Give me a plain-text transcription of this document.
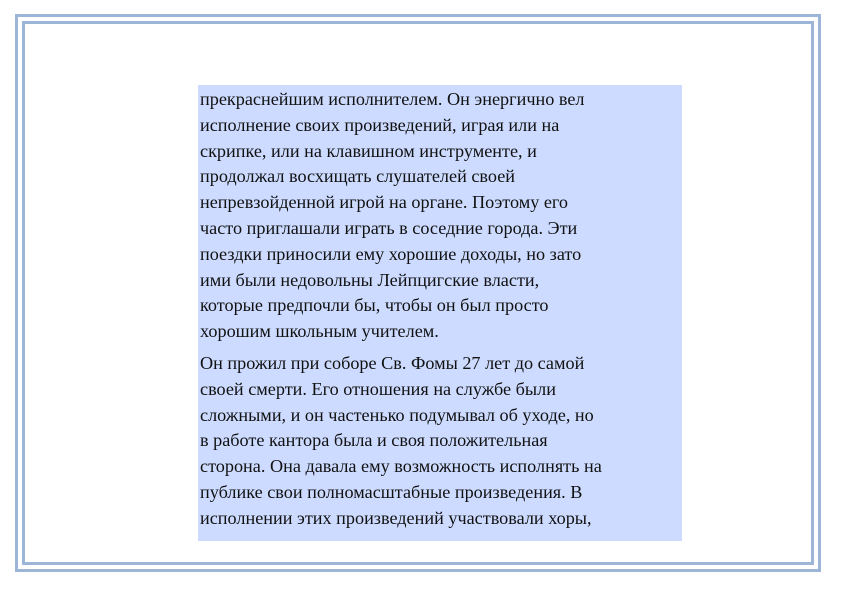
прекраснейшим исполнителем. Он энергично вел
исполнение своих произведений, играя или на
скрипке, или на клавишном инструменте, и
продолжал восхищать слушателей своей
непревзойденной игрой на органе. Поэтому его
часто приглашали играть в соседние города. Эти
поездки приносили ему хорошие доходы, но зато
ими были недовольны Лейпцигские власти,
которые предпочли бы, чтобы он был просто
хорошим школьным учителем.

Он прожил при соборе Св. Фомы 27 лет до самой
своей смерти. Его отношения на службе были
сложными, и он частенько подумывал об уходе, но
в работе кантора была и своя положительная
сторона. Она давала ему возможность исполнять на
публике свои полномасштабные произведения. В
исполнении этих произведений участвовали хоры,
